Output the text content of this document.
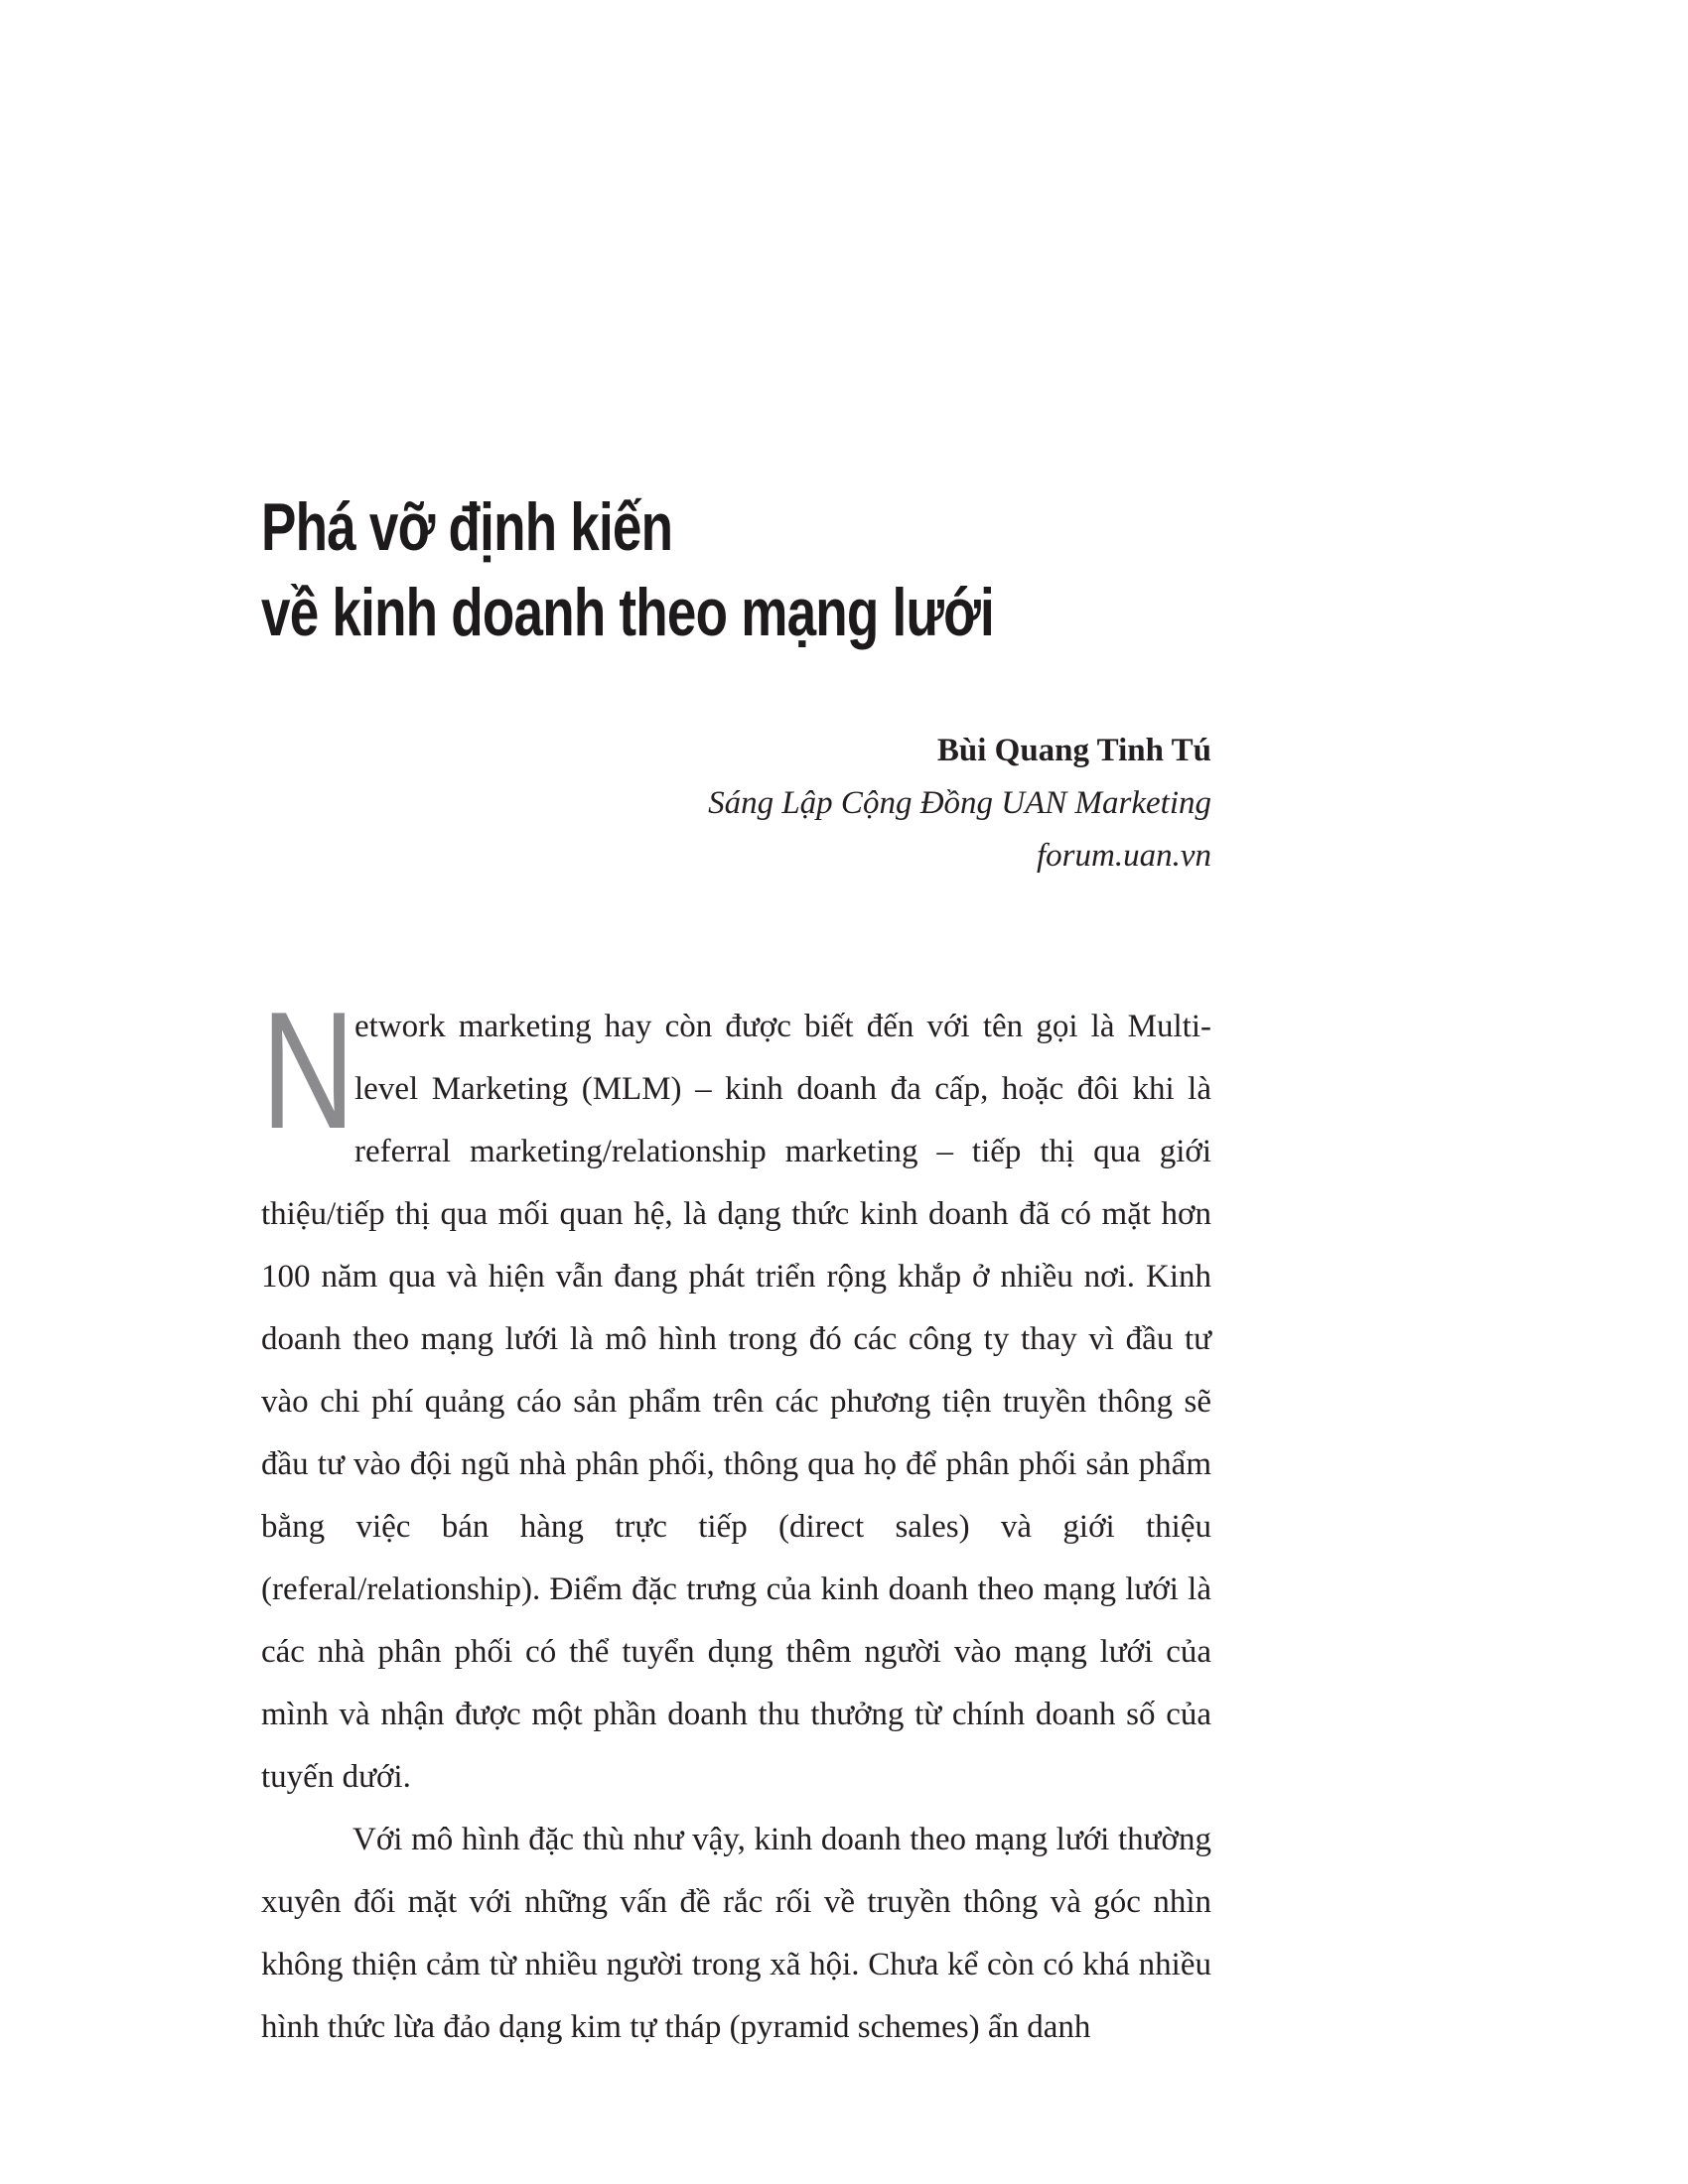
Phá vỡ định kiến
về kinh doanh theo mạng lưới
Bùi Quang Tinh Tú
Sáng Lập Cộng Đồng UAN Marketing
forum.uan.vn

Network marketing hay còn được biết đến với tên gọi là Multi-level Marketing (MLM) – kinh doanh đa cấp, hoặc đôi khi là referral marketing/relationship marketing – tiếp thị qua giới thiệu/tiếp thị qua mối quan hệ, là dạng thức kinh doanh đã có mặt hơn 100 năm qua và hiện vẫn đang phát triển rộng khắp ở nhiều nơi. Kinh doanh theo mạng lưới là mô hình trong đó các công ty thay vì đầu tư vào chi phí quảng cáo sản phẩm trên các phương tiện truyền thông sẽ đầu tư vào đội ngũ nhà phân phối, thông qua họ để phân phối sản phẩm bằng việc bán hàng trực tiếp (direct sales) và giới thiệu (referal/relationship). Điểm đặc trưng của kinh doanh theo mạng lưới là các nhà phân phối có thể tuyển dụng thêm người vào mạng lưới của mình và nhận được một phần doanh thu thưởng từ chính doanh số của tuyến dưới.

Với mô hình đặc thù như vậy, kinh doanh theo mạng lưới thường xuyên đối mặt với những vấn đề rắc rối về truyền thông và góc nhìn không thiện cảm từ nhiều người trong xã hội. Chưa kể còn có khá nhiều hình thức lừa đảo dạng kim tự tháp (pyramid schemes) ẩn danh
